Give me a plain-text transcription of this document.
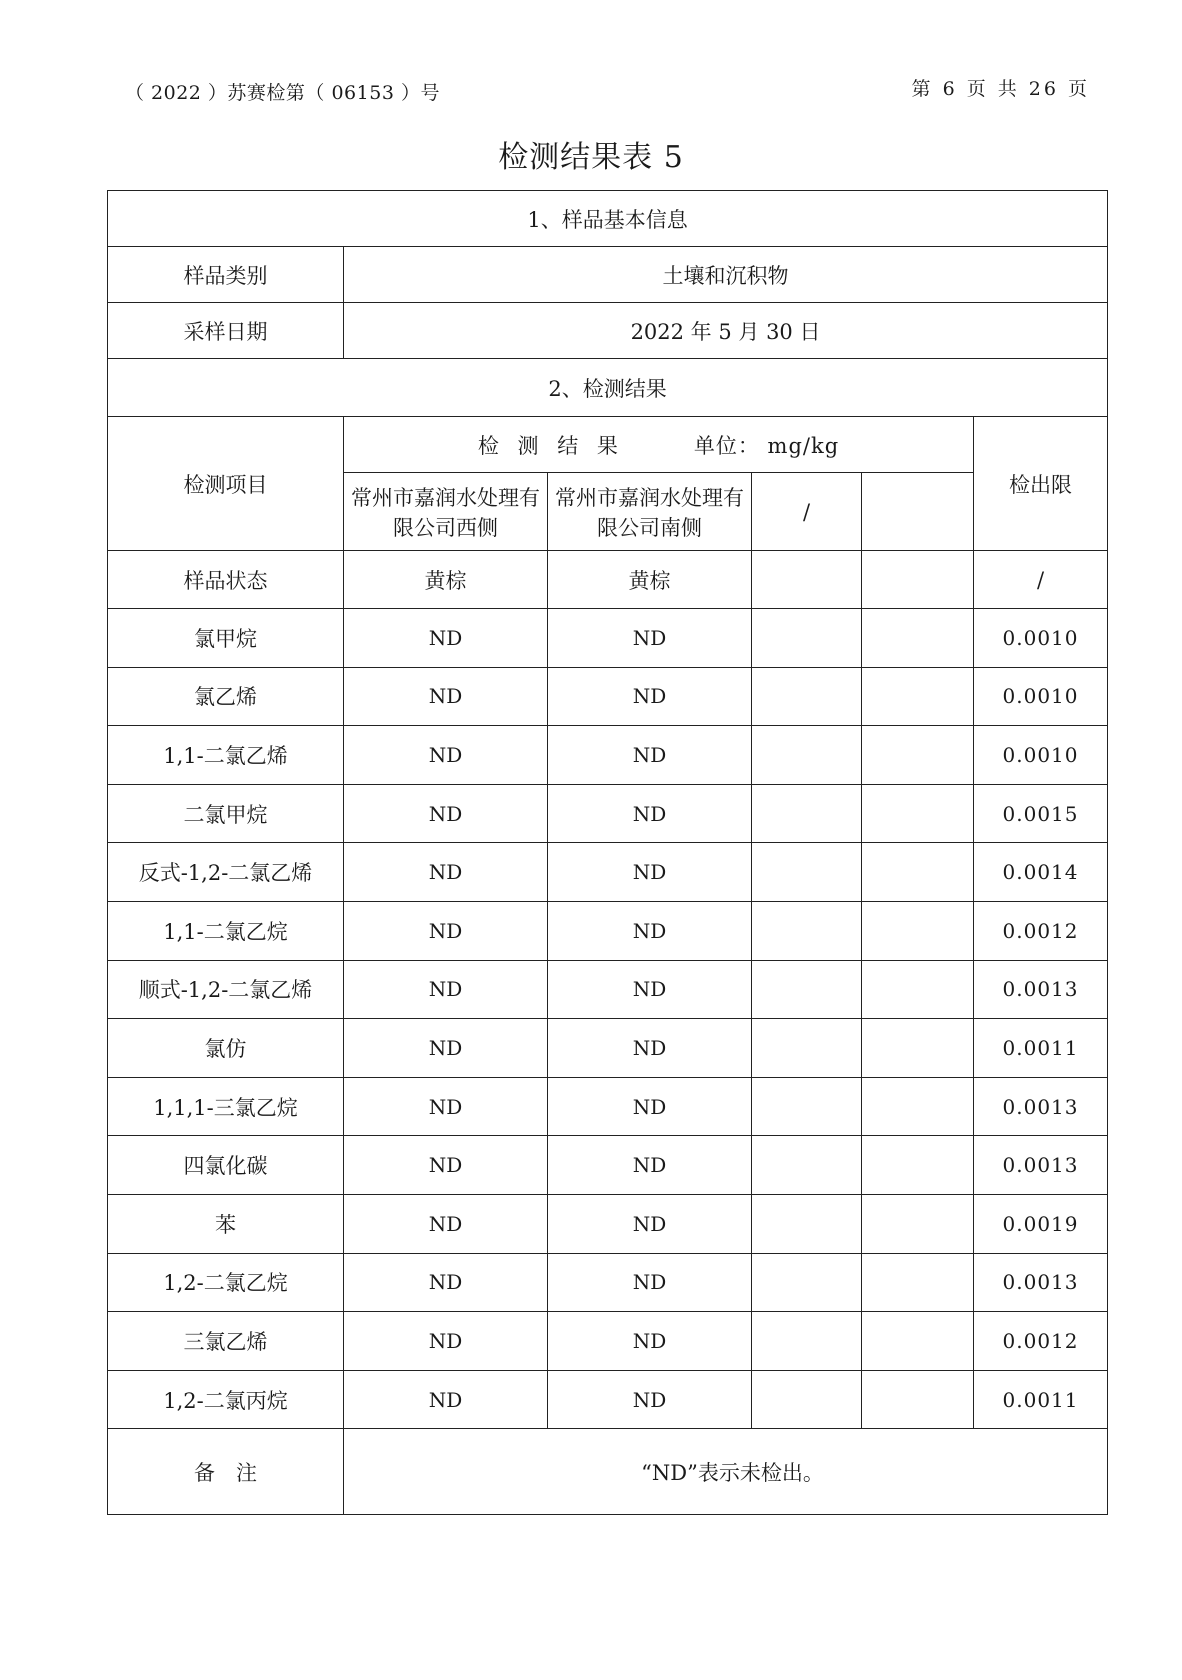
（ 2022 ）苏赛检第（ 06153 ）号	第 6 页 共 26 页
检测结果表 5
1、样品基本信息					
样品类别	土壤和沉积物				
采样日期	2022 年 5 月 30 日				
2、检测结果					
检测项目	检 测 结 果 单位： mg/kg				检出限
	常州市嘉润水处理有限公司西侧	常州市嘉润水处理有限公司南侧	/		
样品状态	黄棕	黄棕			/
氯甲烷	ND	ND			0.0010
氯乙烯	ND	ND			0.0010
1,1-二氯乙烯	ND	ND			0.0010
二氯甲烷	ND	ND			0.0015
反式-1,2-二氯乙烯	ND	ND			0.0014
1,1-二氯乙烷	ND	ND			0.0012
顺式-1,2-二氯乙烯	ND	ND			0.0013
氯仿	ND	ND			0.0011
1,1,1-三氯乙烷	ND	ND			0.0013
四氯化碳	ND	ND			0.0013
苯	ND	ND			0.0019
1,2-二氯乙烷	ND	ND			0.0013
三氯乙烯	ND	ND			0.0012
1,2-二氯丙烷	ND	ND			0.0011
备　注	“ND”表示未检出。				
